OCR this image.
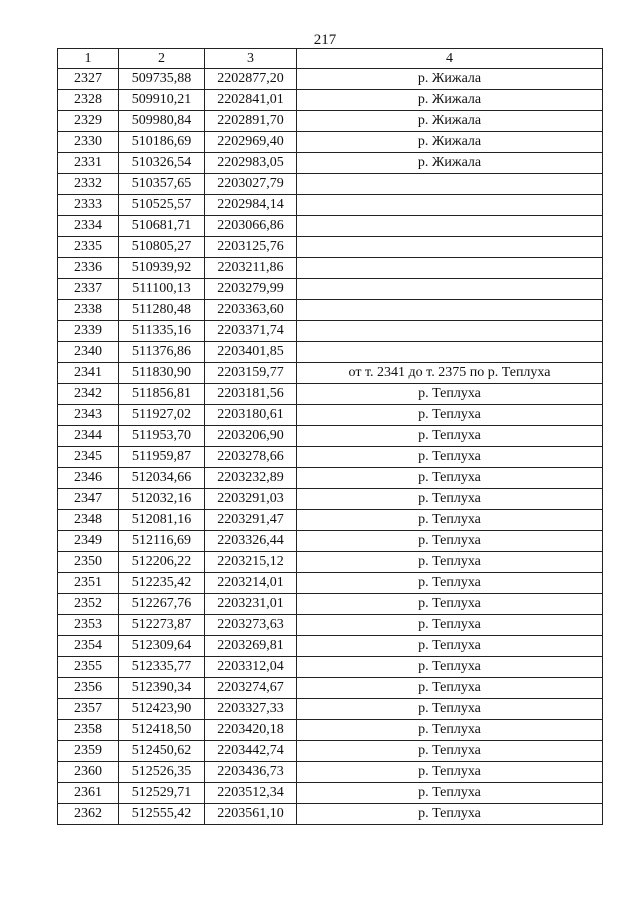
217
1	2	3	4
2327	509735,88	2202877,20	р. Жижала
2328	509910,21	2202841,01	р. Жижала
2329	509980,84	2202891,70	р. Жижала
2330	510186,69	2202969,40	р. Жижала
2331	510326,54	2202983,05	р. Жижала
2332	510357,65	2203027,79	
2333	510525,57	2202984,14	
2334	510681,71	2203066,86	
2335	510805,27	2203125,76	
2336	510939,92	2203211,86	
2337	511100,13	2203279,99	
2338	511280,48	2203363,60	
2339	511335,16	2203371,74	
2340	511376,86	2203401,85	
2341	511830,90	2203159,77	от т. 2341 до т. 2375 по р. Теплуха
2342	511856,81	2203181,56	р. Теплуха
2343	511927,02	2203180,61	р. Теплуха
2344	511953,70	2203206,90	р. Теплуха
2345	511959,87	2203278,66	р. Теплуха
2346	512034,66	2203232,89	р. Теплуха
2347	512032,16	2203291,03	р. Теплуха
2348	512081,16	2203291,47	р. Теплуха
2349	512116,69	2203326,44	р. Теплуха
2350	512206,22	2203215,12	р. Теплуха
2351	512235,42	2203214,01	р. Теплуха
2352	512267,76	2203231,01	р. Теплуха
2353	512273,87	2203273,63	р. Теплуха
2354	512309,64	2203269,81	р. Теплуха
2355	512335,77	2203312,04	р. Теплуха
2356	512390,34	2203274,67	р. Теплуха
2357	512423,90	2203327,33	р. Теплуха
2358	512418,50	2203420,18	р. Теплуха
2359	512450,62	2203442,74	р. Теплуха
2360	512526,35	2203436,73	р. Теплуха
2361	512529,71	2203512,34	р. Теплуха
2362	512555,42	2203561,10	р. Теплуха
